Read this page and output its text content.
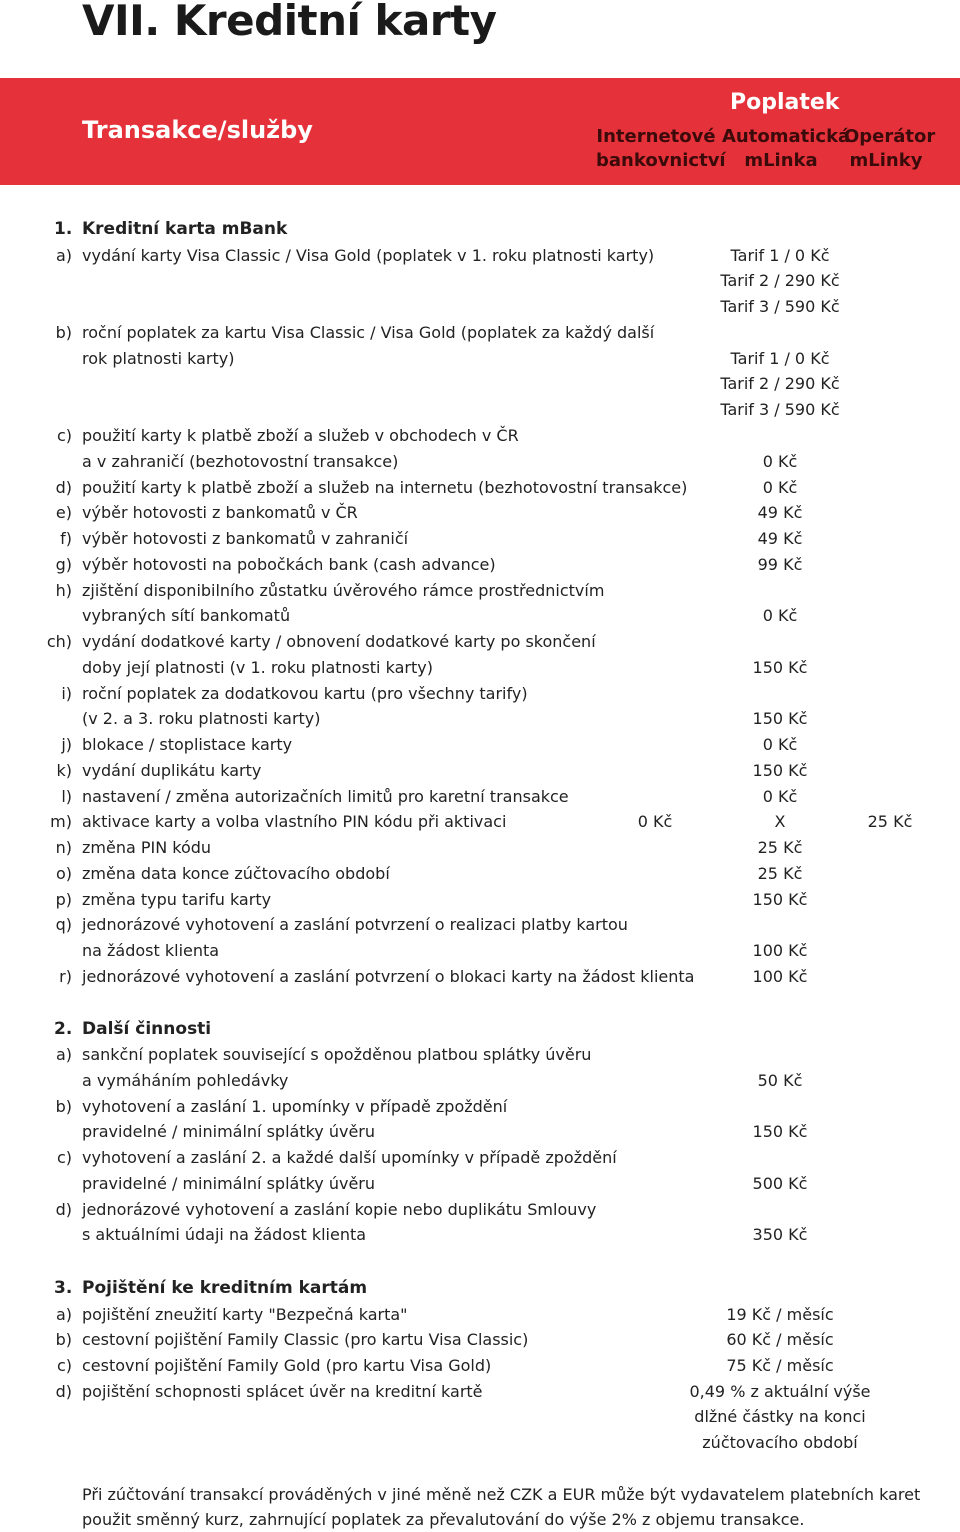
VII. Kreditní karty
Transakce/služby
Poplatek
Internetové
bankovnictví
Automatická
mLinka
Operátor
mLinky
1. Kreditní karta mBank
2. Další činnosti
3. Pojištění ke kreditním kartám
a) vydání karty Visa Classic / Visa Gold (poplatek v 1. roku platnosti karty)	Tarif 1 / 0 Kč
Tarif 2 / 290 Kč
Tarif 3 / 590 Kč
b) roční poplatek za kartu Visa Classic / Visa Gold (poplatek za každý další
rok platnosti karty)	Tarif 1 / 0 Kč
Tarif 2 / 290 Kč
Tarif 3 / 590 Kč
c) použití karty k platbě zboží a služeb v obchodech v ČR
a v zahraničí (bezhotovostní transakce)	0 Kč
d) použití karty k platbě zboží a služeb na internetu (bezhotovostní transakce)	0 Kč
e) výběr hotovosti z bankomatů v ČR	49 Kč
f) výběr hotovosti z bankomatů v zahraničí	49 Kč
g) výběr hotovosti na pobočkách bank (cash advance)	99 Kč
h) zjištění disponibilního zůstatku úvěrového rámce prostřednictvím
vybraných sítí bankomatů	0 Kč
ch) vydání dodatkové karty / obnovení dodatkové karty po skončení
doby její platnosti (v 1. roku platnosti karty)	150 Kč
i) roční poplatek za dodatkovou kartu (pro všechny tarify)
(v 2. a 3. roku platnosti karty)	150 Kč
j) blokace / stoplistace karty	0 Kč
k) vydání duplikátu karty	150 Kč
l) nastavení / změna autorizačních limitů pro karetní transakce	0 Kč
m) aktivace karty a volba vlastního PIN kódu při aktivaci	0 Kč	X	25 Kč
n) změna PIN kódu	25 Kč
o) změna data konce zúčtovacího období	25 Kč
p) změna typu tarifu karty	150 Kč
q) jednorázové vyhotovení a zaslání potvrzení o realizaci platby kartou
na žádost klienta	100 Kč
r) jednorázové vyhotovení a zaslání potvrzení o blokaci karty na žádost klienta	100 Kč
a) sankční poplatek související s opožděnou platbou splátky úvěru
a vymáháním pohledávky	50 Kč
b) vyhotovení a zaslání 1. upomínky v případě zpoždění
pravidelné / minimální splátky úvěru	150 Kč
c) vyhotovení a zaslání 2. a každé další upomínky v případě zpoždění
pravidelné / minimální splátky úvěru	500 Kč
d) jednorázové vyhotovení a zaslání kopie nebo duplikátu Smlouvy
s aktuálními údaji na žádost klienta	350 Kč
a) pojištění zneužití karty "Bezpečná karta"	19 Kč / měsíc
b) cestovní pojištění Family Classic (pro kartu Visa Classic)	60 Kč / měsíc
c) cestovní pojištění Family Gold (pro kartu Visa Gold)	75 Kč / měsíc
d) pojištění schopnosti splácet úvěr na kreditní kartě	0,49 % z aktuální výše
dlžné částky na konci
zúčtovacího období
Při zúčtování transakcí prováděných v jiné měně než CZK a EUR může být vydavatelem platebních karet
použit směnný kurz, zahrnující poplatek za převalutování do výše 2% z objemu transakce.
